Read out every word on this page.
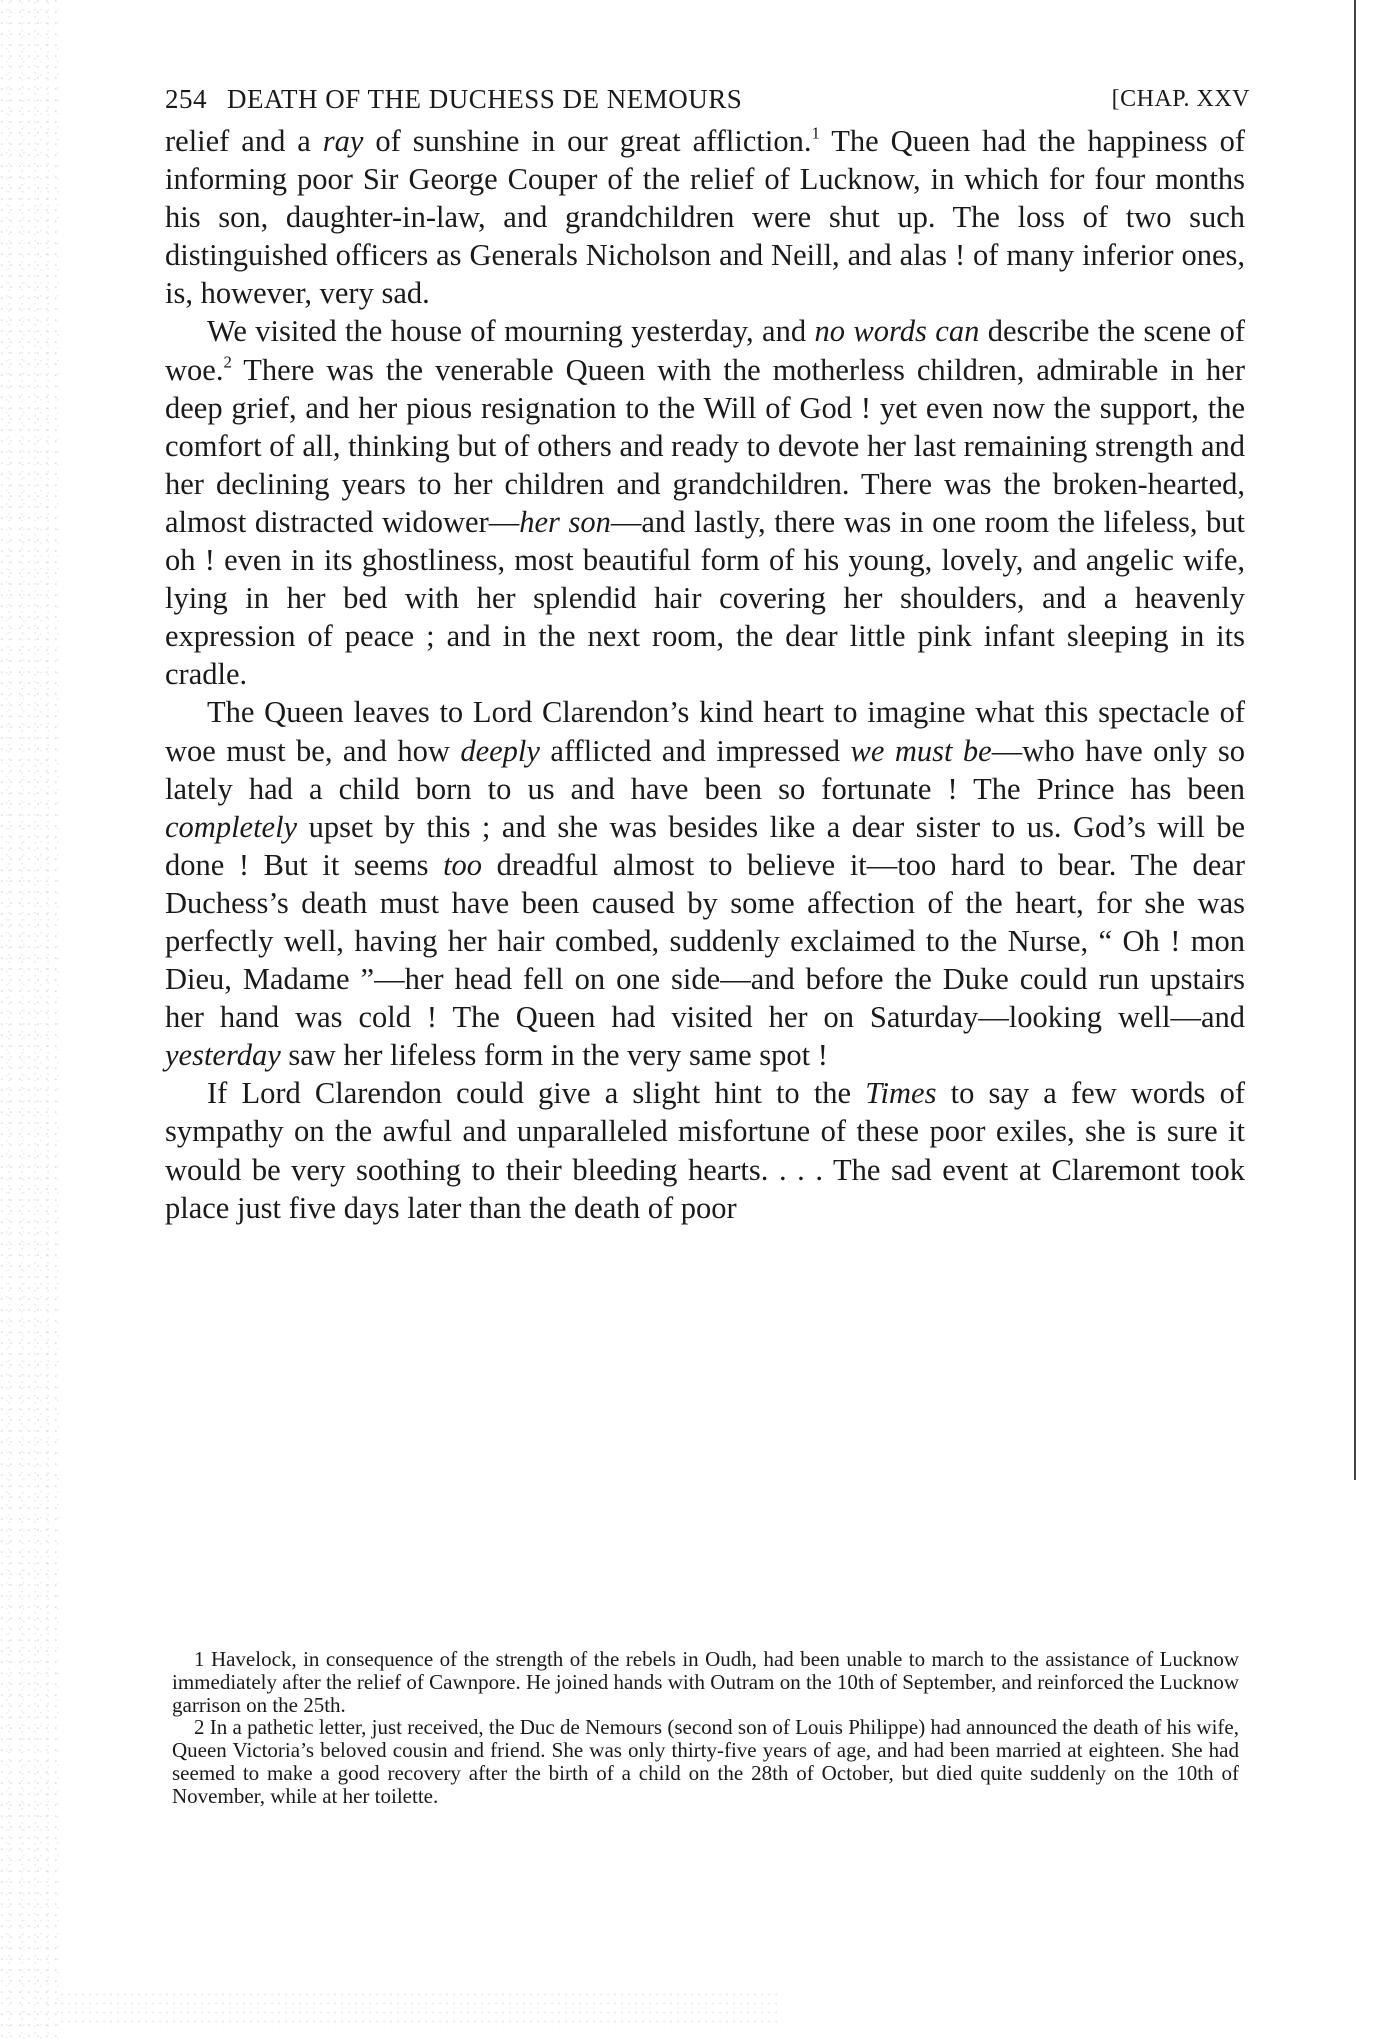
254 DEATH OF THE DUCHESS DE NEMOURS	[CHAP. XXV

relief and a ray of sunshine in our great affliction.$^1$ The Queen had the happiness of informing poor Sir George Couper of the relief of Lucknow, in which for four months his son, daughter-in-law, and grandchildren were shut up. The loss of two such distinguished officers as Generals Nicholson and Neill, and alas ! of many inferior ones, is, however, very sad.

We visited the house of mourning yesterday, and no words can describe the scene of woe.$^2$ There was the venerable Queen with the motherless children, admirable in her deep grief, and her pious resignation to the Will of God ! yet even now the support, the comfort of all, thinking but of others and ready to devote her last remaining strength and her declining years to her children and grandchildren. There was the broken-hearted, almost distracted widower—her son—and lastly, there was in one room the lifeless, but oh ! even in its ghostliness, most beautiful form of his young, lovely, and angelic wife, lying in her bed with her splendid hair covering her shoulders, and a heavenly expression of peace ; and in the next room, the dear little pink infant sleeping in its cradle.

The Queen leaves to Lord Clarendon’s kind heart to imagine what this spectacle of woe must be, and how deeply afflicted and impressed we must be—who have only so lately had a child born to us and have been so fortunate ! The Prince has been completely upset by this ; and she was besides like a dear sister to us. God’s will be done ! But it seems too dreadful almost to believe it—too hard to bear. The dear Duchess’s death must have been caused by some affection of the heart, for she was perfectly well, having her hair combed, suddenly exclaimed to the Nurse, “ Oh ! mon Dieu, Madame ”—her head fell on one side—and before the Duke could run upstairs her hand was cold ! The Queen had visited her on Saturday—looking well—and yesterday saw her lifeless form in the very same spot !

If Lord Clarendon could give a slight hint to the Times to say a few words of sympathy on the awful and unparalleled misfortune of these poor exiles, she is sure it would be very soothing to their bleeding hearts. . . . The sad event at Claremont took place just five days later than the death of poor

1 Havelock, in consequence of the strength of the rebels in Oudh, had been unable to march to the assistance of Lucknow immediately after the relief of Cawnpore. He joined hands with Outram on the 10th of September, and reinforced the Lucknow garrison on the 25th.

2 In a pathetic letter, just received, the Duc de Nemours (second son of Louis Philippe) had announced the death of his wife, Queen Victoria’s beloved cousin and friend. She was only thirty-five years of age, and had been married at eighteen. She had seemed to make a good recovery after the birth of a child on the 28th of October, but died quite suddenly on the 10th of November, while at her toilette.
